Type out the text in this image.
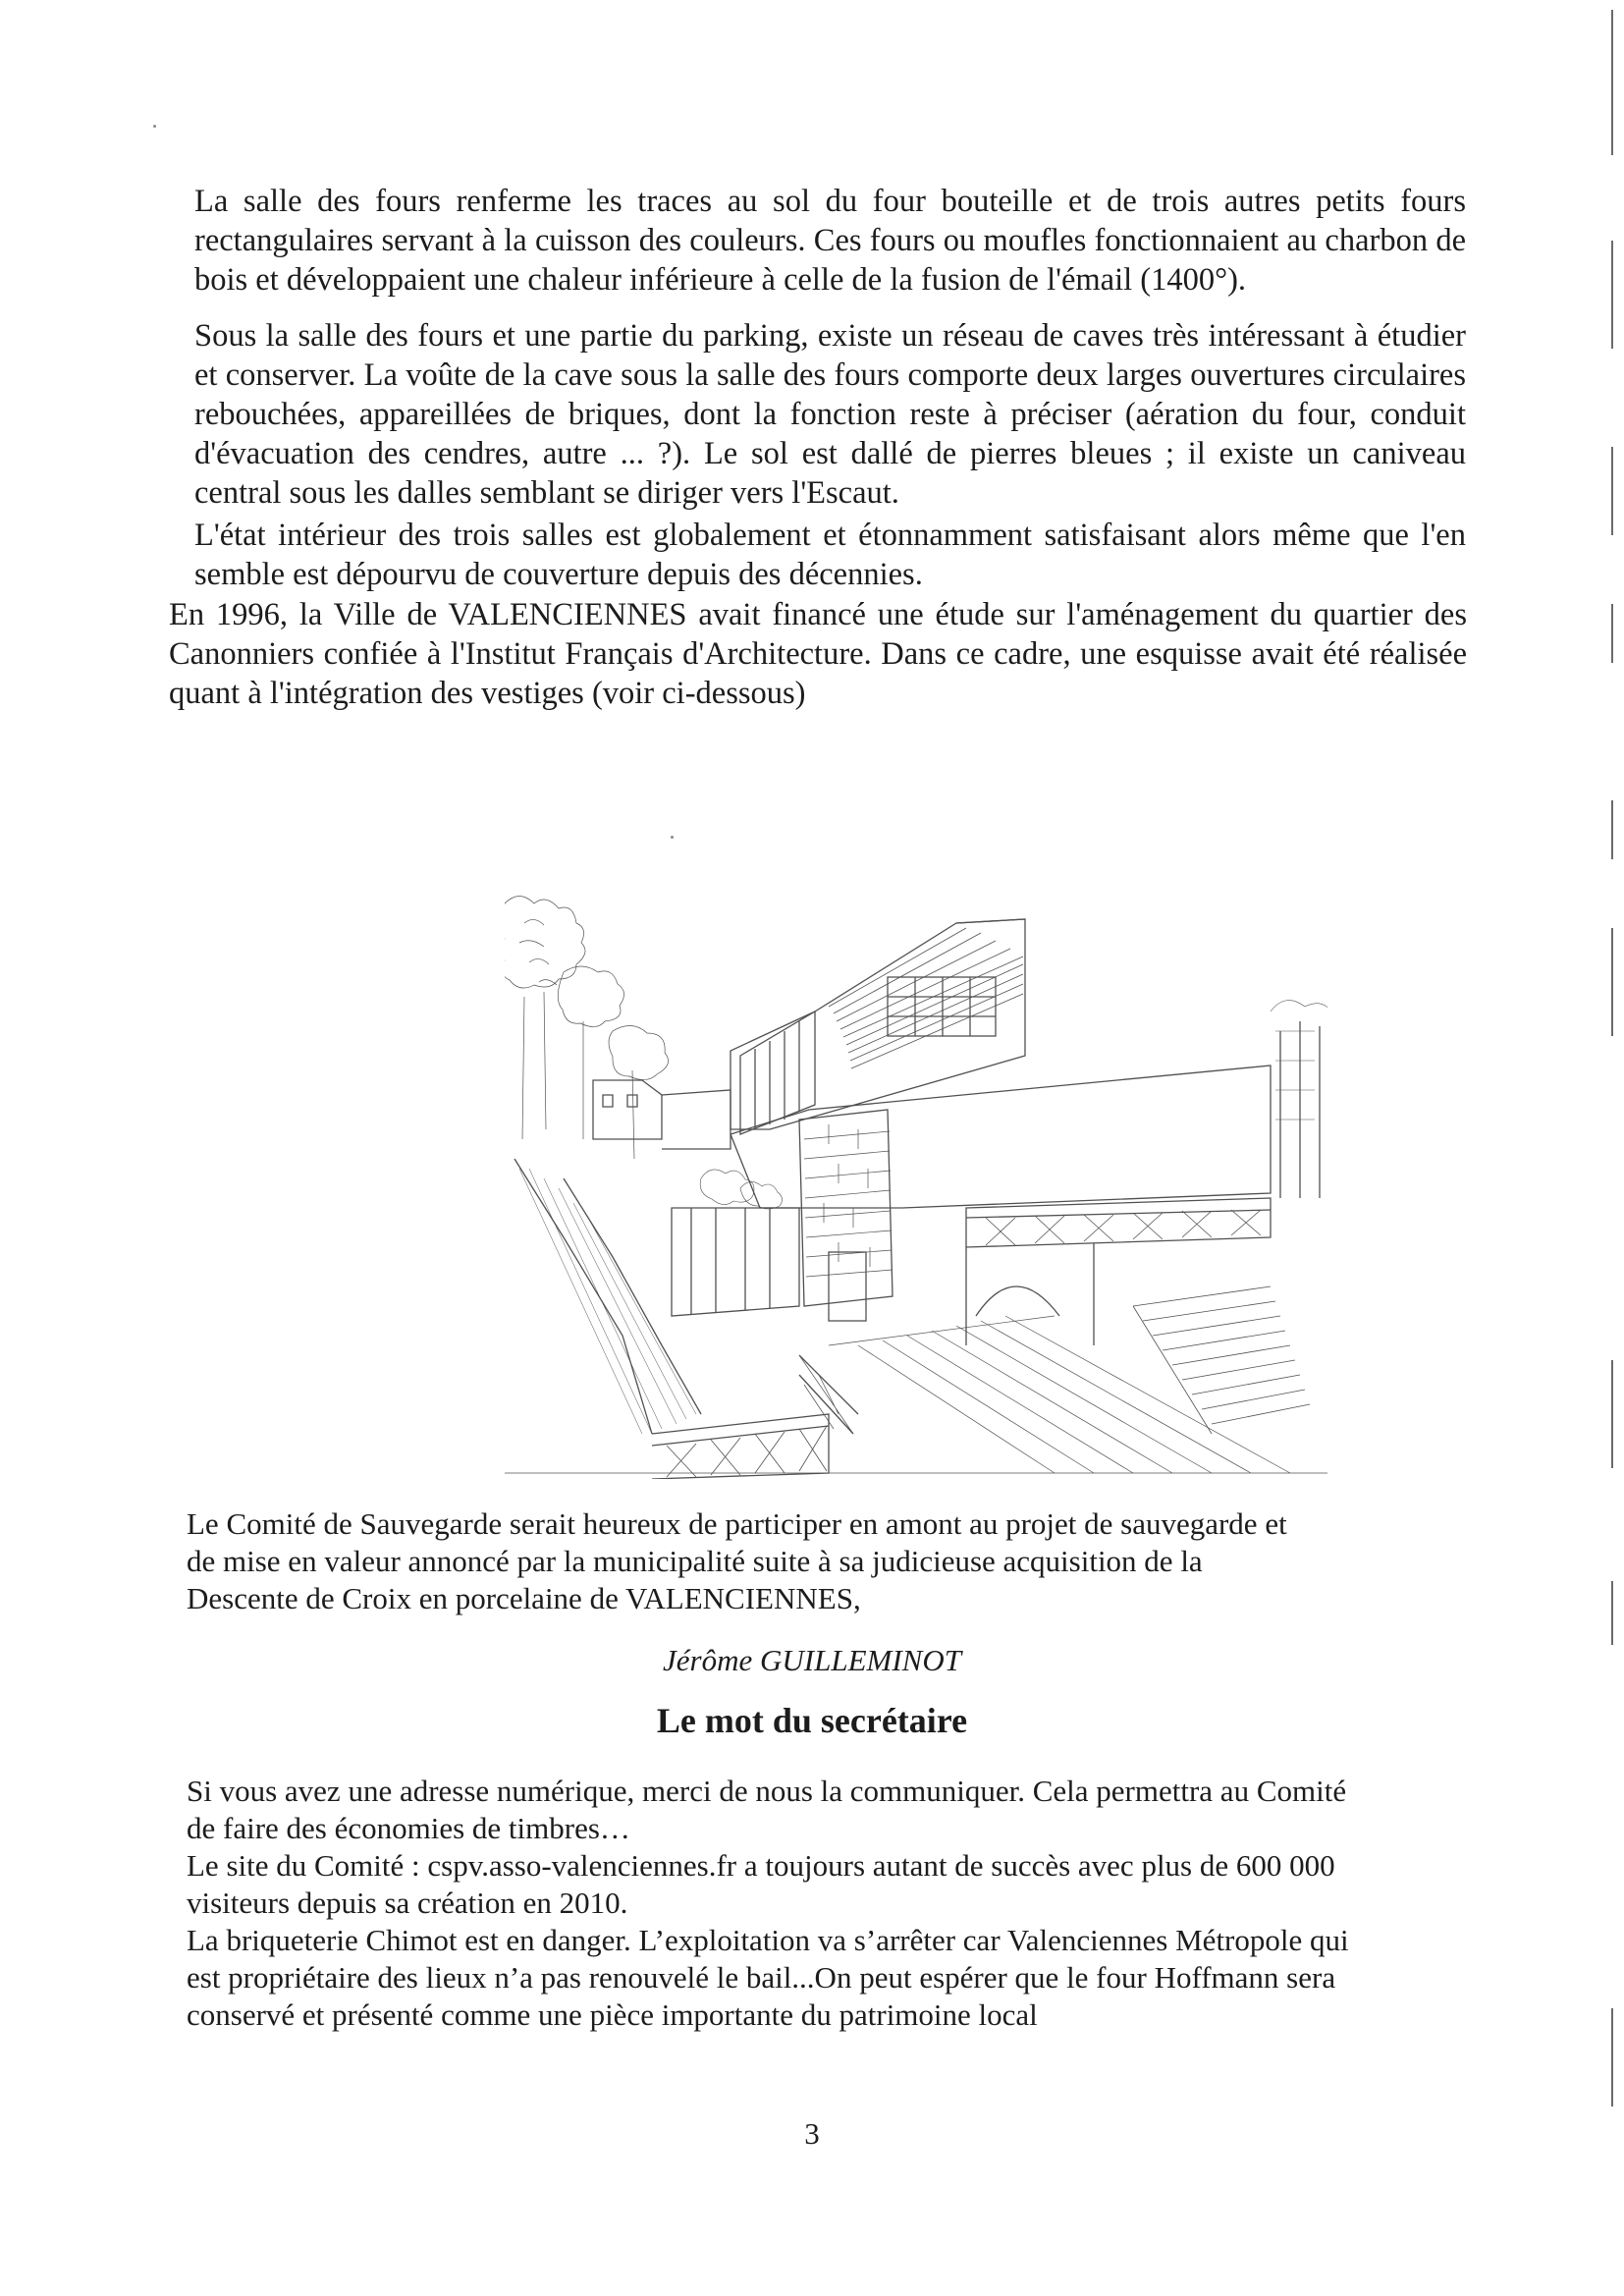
La salle des fours renferme les traces au sol du four bouteille et de trois autres petits fours rectangulaires servant à la cuisson des couleurs. Ces fours ou moufles fonctionnaient au charbon de bois et développaient une chaleur inférieure à celle de la fusion de l'émail (1400°).

Sous la salle des fours et une partie du parking, existe un réseau de caves très intéressant à étudier et conserver. La voûte de la cave sous la salle des fours comporte deux larges ouvertures circulaires rebouchées, appareillées de briques, dont la fonction reste à préciser (aération du four, conduit d'évacuation des cendres, autre ... ?). Le sol est dallé de pierres bleues ; il existe un caniveau central sous les dalles semblant se diriger vers l'Escaut.

L'état intérieur des trois salles est globalement et étonnamment satisfaisant alors même que l'en semble est dépourvu de couverture depuis des décennies.

En 1996, la Ville de VALENCIENNES avait financé une étude sur l'aménagement du quartier des Canonniers confiée à l'Institut Français d'Architecture. Dans ce cadre, une esquisse avait été réalisée quant à l'intégration des vestiges (voir ci-dessous)

Le Comité de Sauvegarde serait heureux de participer en amont au projet de sauvegarde et

de mise en valeur annoncé par la municipalité suite à sa judicieuse acquisition de la

Descente de Croix en porcelaine de VALENCIENNES,

Jérôme GUILLEMINOT
Le mot du secrétaire

Si vous avez une adresse numérique, merci de nous la communiquer. Cela permettra au Comité

de faire des économies de timbres…

Le site du Comité : cspv.asso-valenciennes.fr a toujours autant de succès avec plus de 600 000

visiteurs depuis sa création en 2010.

La briqueterie Chimot est en danger. L’exploitation va s’arrêter car Valenciennes Métropole qui

est propriétaire des lieux n’a pas renouvelé le bail...On peut espérer que le four Hoffmann sera

conservé et présenté comme une pièce importante du patrimoine local

3
